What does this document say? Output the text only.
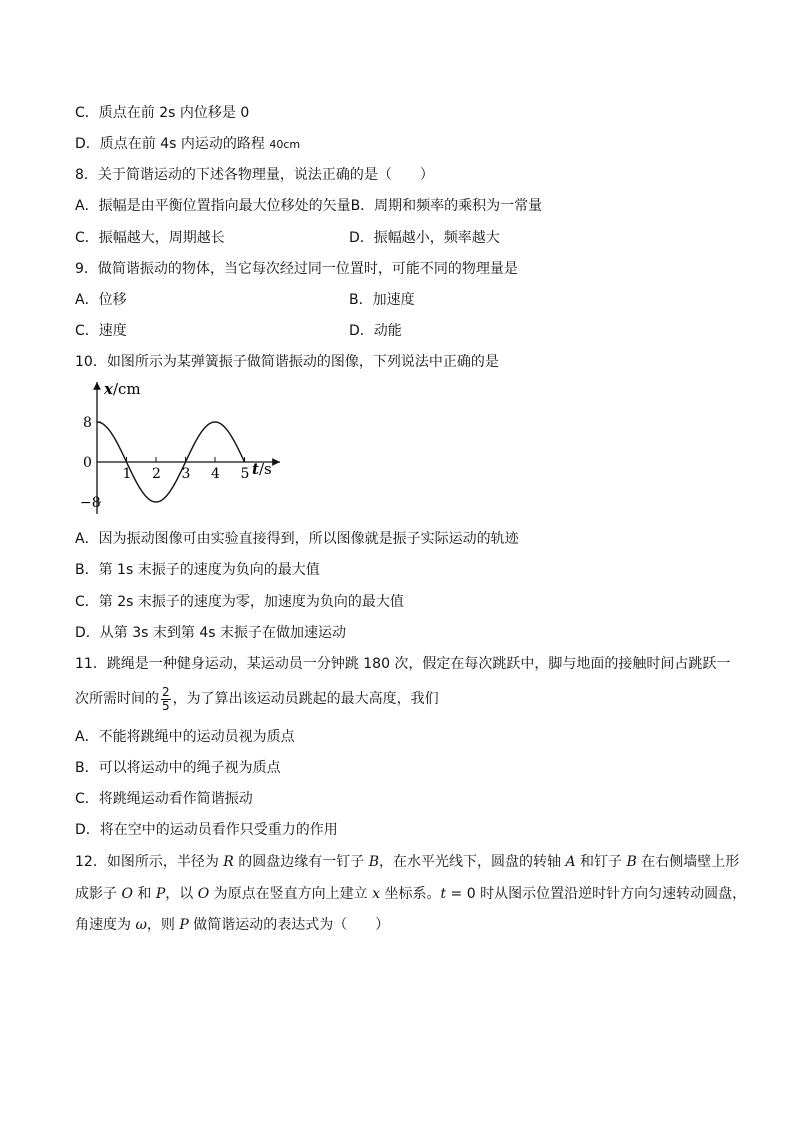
C．质点在前 2s 内位移是 0
D．质点在前 4s 内运动的路程 40cm
8．关于简谐运动的下述各物理量，说法正确的是（　　）
A．振幅是由平衡位置指向最大位移处的矢量B．周期和频率的乘积为一常量
C．振幅越大，周期越长	D．振幅越小，频率越大
9．做简谐振动的物体，当它每次经过同一位置时，可能不同的物理量是
A．位移	B．加速度
C．速度	D．动能
10．如图所示为某弹簧振子做简谐振动的图像，下列说法中正确的是
x/cm
t/s
0
8
−8
1 2 3 4 5
A．因为振动图像可由实验直接得到，所以图像就是振子实际运动的轨迹
B．第 1s 末振子的速度为负向的最大值
C．第 2s 末振子的速度为零，加速度为负向的最大值
D．从第 3s 末到第 4s 末振子在做加速运动
11．跳绳是一种健身运动，某运动员一分钟跳 180 次，假定在每次跳跃中，脚与地面的接触时间占跳跃一
次所需时间的 $\frac{2}{5}$ ，为了算出该运动员跳起的最大高度，我们
A．不能将跳绳中的运动员视为质点
B．可以将运动中的绳子视为质点
C．将跳绳运动看作简谐振动
D．将在空中的运动员看作只受重力的作用
12．如图所示，半径为 R 的圆盘边缘有一钉子 B，在水平光线下，圆盘的转轴 A 和钉子 B 在右侧墙壁上形
成影子 O 和 P，以 O 为原点在竖直方向上建立 x 坐标系。t = 0 时从图示位置沿逆时针方向匀速转动圆盘，
角速度为 ω，则 P 做简谐运动的表达式为（　　）
